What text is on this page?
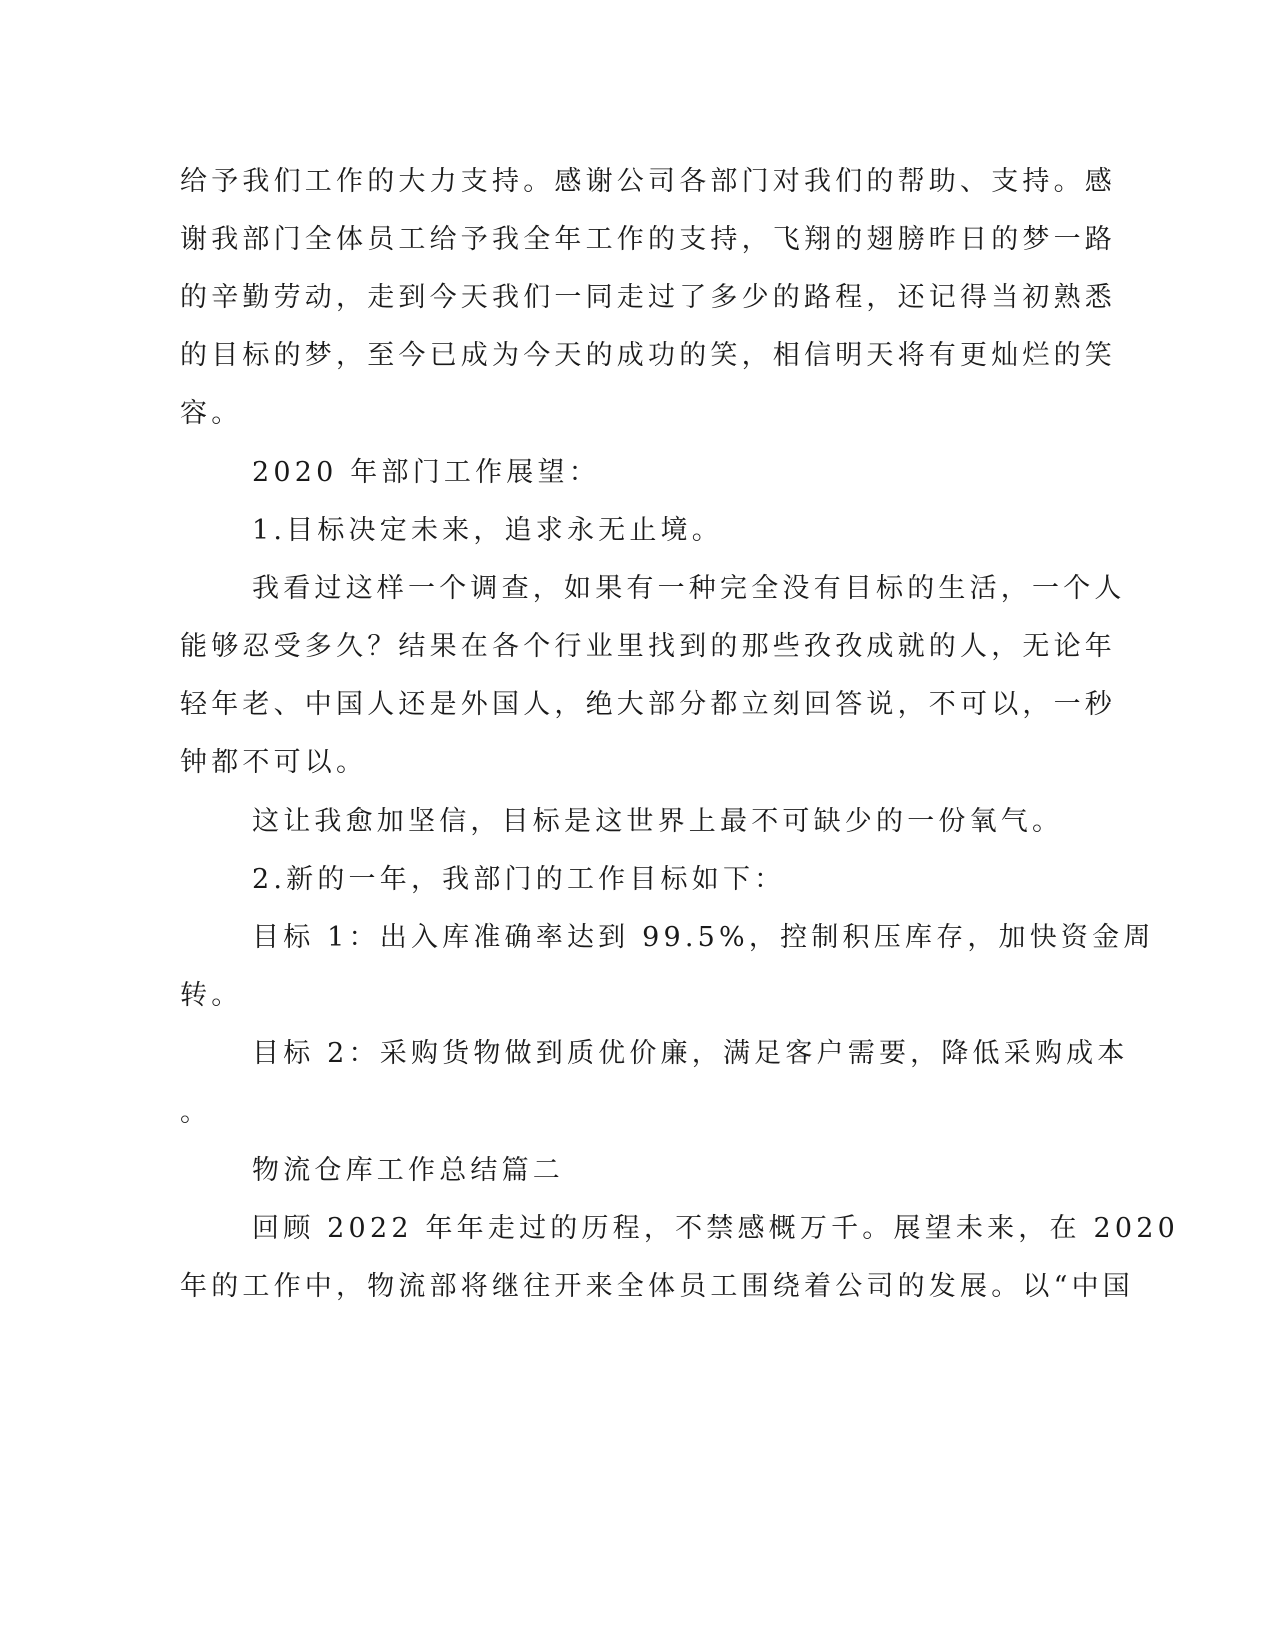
给予我们工作的大力支持。感谢公司各部门对我们的帮助、支持。感
谢我部门全体员工给予我全年工作的支持，飞翔的翅膀昨日的梦一路
的辛勤劳动，走到今天我们一同走过了多少的路程，还记得当初熟悉
的目标的梦，至今已成为今天的成功的笑，相信明天将有更灿烂的笑
容。
2020 年部门工作展望：
1.目标决定未来，追求永无止境。
我看过这样一个调查，如果有一种完全没有目标的生活，一个人
能够忍受多久？结果在各个行业里找到的那些孜孜成就的人，无论年
轻年老、中国人还是外国人，绝大部分都立刻回答说，不可以，一秒
钟都不可以。
这让我愈加坚信，目标是这世界上最不可缺少的一份氧气。
2.新的一年，我部门的工作目标如下：
目标 1：出入库准确率达到 99.5%，控制积压库存，加快资金周
转。
目标 2：采购货物做到质优价廉，满足客户需要，降低采购成本
。
物流仓库工作总结篇二
回顾 2022 年年走过的历程，不禁感概万千。展望未来，在 2020
年的工作中，物流部将继往开来全体员工围绕着公司的发展。以“中国
